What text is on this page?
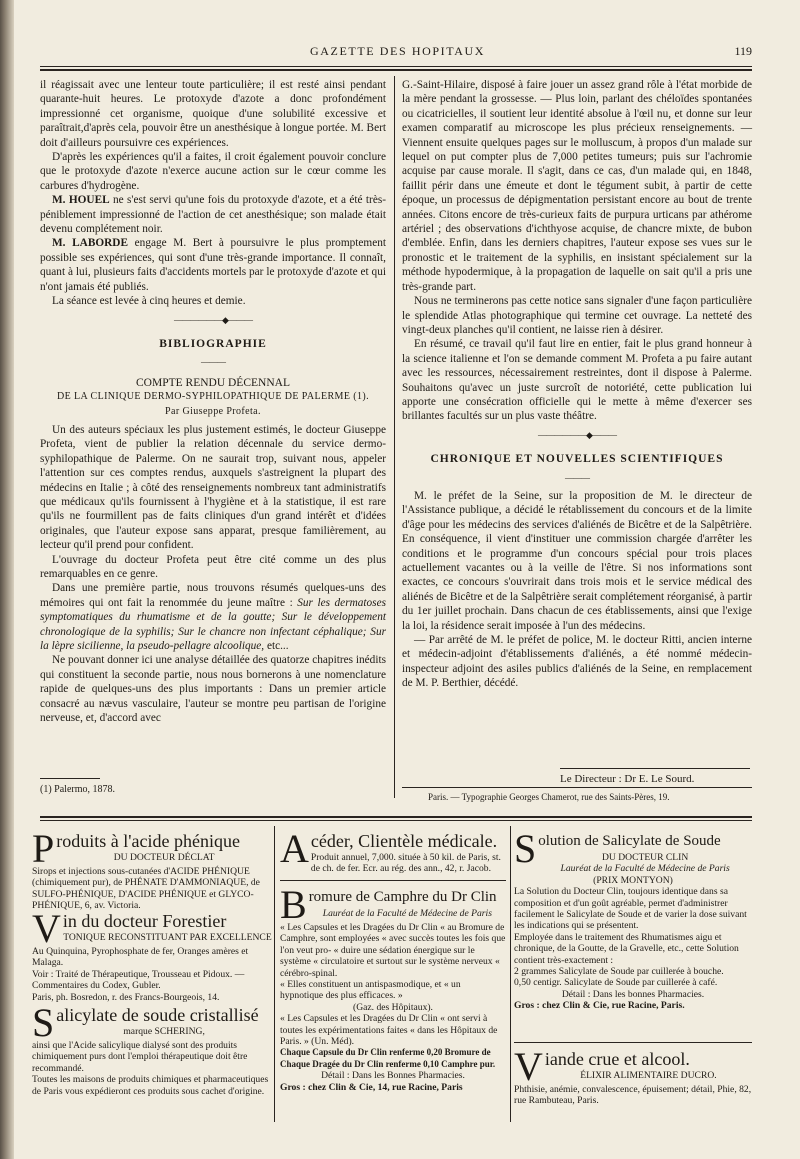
GAZETTE DES HOPITAUX	119

il réagissait avec une lenteur toute particulière; il est resté ainsi pendant quarante-huit heures. Le protoxyde d'azote a donc profondément impressionné cet organisme, quoique d'une solubilité excessive et paraîtrait,d'après cela, pouvoir être un anesthésique à longue portée. M. Bert doit d'ailleurs poursuivre ces expériences.

D'après les expériences qu'il a faites, il croit également pouvoir conclure que le protoxyde d'azote n'exerce aucune action sur le cœur comme les carbures d'hydrogène.

M. HOUEL ne s'est servi qu'une fois du protoxyde d'azote, et a été très-péniblement impressionné de l'action de cet anesthésique; son malade était devenu complétement noir.

M. LABORDE engage M. Bert à poursuivre le plus promptement possible ses expériences, qui sont d'une très-grande importance. Il connaît, quant à lui, plusieurs faits d'accidents mortels par le protoxyde d'azote et qui n'ont jamais été publiés.

La séance est levée à cinq heures et demie.

——————◆———
BIBLIOGRAPHIE
———
COMPTE RENDU DÉCENNAL
DE LA CLINIQUE DERMO-SYPHILOPATHIQUE DE PALERME (1).
Par Giuseppe Profeta.

Un des auteurs spéciaux les plus justement estimés, le docteur Giuseppe Profeta, vient de publier la relation décennale du service dermo-syphilopathique de Palerme. On ne saurait trop, suivant nous, appeler l'attention sur ces comptes rendus, auxquels s'astreignent la plupart des médecins en Italie ; à côté des renseignements nombreux tant administratifs que médicaux qu'ils fournissent à l'hygiène et à la statistique, il est rare qu'ils ne fourmillent pas de faits cliniques d'un grand intérêt et d'idées originales, que l'auteur expose sans apparat, presque familièrement, au lecteur qu'il prend pour confident.

L'ouvrage du docteur Profeta peut être cité comme un des plus remarquables en ce genre.

Dans une première partie, nous trouvons résumés quelques-uns des mémoires qui ont fait la renommée du jeune maître : Sur les dermatoses symptomatiques du rhumatisme et de la goutte; Sur le développement chronologique de la syphilis; Sur le chancre non infectant céphalique; Sur la lèpre sicilienne, la pseudo-pellagre alcoolique, etc...

Ne pouvant donner ici une analyse détaillée des quatorze chapitres inédits qui constituent la seconde partie, nous nous bornerons à une nomenclature rapide de quelques-uns des plus importants : Dans un premier article consacré au nævus vasculaire, l'auteur se montre peu partisan de l'origine nerveuse, et, d'accord avec

(1) Palermo, 1878.

G.-Saint-Hilaire, disposé à faire jouer un assez grand rôle à l'état morbide de la mère pendant la grossesse. — Plus loin, parlant des chéloïdes spontanées ou cicatricielles, il soutient leur identité absolue à l'œil nu, et donne sur leur examen comparatif au microscope les plus précieux renseignements. — Viennent ensuite quelques pages sur le molluscum, à propos d'un malade sur lequel on put compter plus de 7,000 petites tumeurs; puis sur l'achromie acquise par cause morale. Il s'agit, dans ce cas, d'un malade qui, en 1848, faillit périr dans une émeute et dont le tégument subit, à partir de cette époque, un processus de dépigmentation persistant encore au bout de trente années. Citons encore de très-curieux faits de purpura urticans par athérome artériel ; des observations d'ichthyose acquise, de chancre mixte, de bubon d'emblée. Enfin, dans les derniers chapitres, l'auteur expose ses vues sur le pronostic et le traitement de la syphilis, en insistant spécialement sur la méthode hypodermique, à la propagation de laquelle on sait qu'il a pris une très-grande part.

Nous ne terminerons pas cette notice sans signaler d'une façon particulière le splendide Atlas photographique qui termine cet ouvrage. La netteté des vingt-deux planches qu'il contient, ne laisse rien à désirer.

En résumé, ce travail qu'il faut lire en entier, fait le plus grand honneur à la science italienne et l'on se demande comment M. Profeta a pu faire autant avec les ressources, nécessairement restreintes, dont il dispose à Palerme. Souhaitons qu'avec un juste surcroît de notoriété, cette publication lui apporte une consécration officielle qui le mette à même d'exercer ses brillantes facultés sur un plus vaste théâtre.

——————◆———
CHRONIQUE ET NOUVELLES SCIENTIFIQUES
———

M. le préfet de la Seine, sur la proposition de M. le directeur de l'Assistance publique, a décidé le rétablissement du concours et de la limite d'âge pour les médecins des services d'aliénés de Bicêtre et de la Salpêtrière. En conséquence, il vient d'instituer une commission chargée d'arrêter les conditions et le programme d'un concours spécial pour trois places actuellement vacantes ou à la veille de l'être. Si nos informations sont exactes, ce concours s'ouvrirait dans trois mois et le service médical des aliénés de Bicêtre et de la Salpêtrière serait complétement réorganisé, à partir du 1er juillet prochain. Dans chacun de ces établissements, ainsi que l'exige la loi, la résidence serait imposée à l'un des médecins.

— Par arrêté de M. le préfet de police, M. le docteur Ritti, ancien interne et médecin-adjoint d'établissements d'aliénés, a été nommé médecin-inspecteur adjoint des asiles publics d'aliénés de la Seine, en remplacement de M. P. Berthier, décédé.

Le Directeur : Dr E. Le Sourd.
Paris. — Typographie Georges Chamerot, rue des Saints-Pères, 19.
P roduits à l'acide phénique
DU DOCTEUR DÉCLAT

Sirops et injections sous-cutanées d'ACIDE PHÉNIQUE (chimiquement pur), de PHÉNATE D'AMMONIAQUE, de SULFO-PHÉNIQUE, D'ACIDE PHÉNIQUE et GLYCO-PHÉNIQUE, 6, av. Victoria.

V in du docteur Forestier
TONIQUE RECONSTITUANT PAR EXCELLENCE

Au Quinquina, Pyrophosphate de fer, Oranges amères et Malaga.

Voir : Traité de Thérapeutique, Trousseau et Pidoux. — Commentaires du Codex, Gubler.

Paris, ph. Bosredon, r. des Francs-Bourgeois, 14.

S alicylate de soude cristallisé
marque SCHERING,

ainsi que l'Acide salicylique dialysé sont des produits chimiquement purs dont l'emploi thérapeutique doit être recommandé.

Toutes les maisons de produits chimiques et pharmaceutiques de Paris vous expédieront ces produits sous cachet d'origine.

A céder, Clientèle médicale.

Produit annuel, 7,000. située à 50 kil. de Paris, st. de ch. de fer. Ecr. au rég. des ann., 42, r. Jacob.

B romure de Camphre du Dr Clin
Lauréat de la Faculté de Médecine de Paris

« Les Capsules et les Dragées du Dr Clin « au Bromure de Camphre, sont employées « avec succès toutes les fois que l'on veut pro- « duire une sédation énergique sur le système « circulatoire et surtout sur le système nerveux « cérébro-spinal.

« Elles constituent un antispasmodique, et « un hypnotique des plus efficaces. »

(Gaz. des Hôpitaux).

« Les Capsules et les Dragées du Dr Clin « ont servi à toutes les expérimentations faites « dans les Hôpitaux de Paris. » (Un. Méd).

Chaque Capsule du Dr Clin renferme 0,20 Bromure de Chaque Dragée du Dr Clin renferme 0,10 Camphre pur.

Détail : Dans les Bonnes Pharmacies.

Gros : chez Clin & Cie, 14, rue Racine, Paris

S olution de Salicylate de Soude
DU DOCTEUR CLIN
Lauréat de la Faculté de Médecine de Paris
(PRIX MONTYON)

La Solution du Docteur Clin, toujours identique dans sa composition et d'un goût agréable, permet d'administrer facilement le Salicylate de Soude et de varier la dose suivant les indications qui se présentent.

Employée dans le traitement des Rhumatismes aigu et chronique, de la Goutte, de la Gravelle, etc., cette Solution contient très-exactement :

2 grammes Salicylate de Soude par cuillerée à bouche.

0,50 centigr. Salicylate de Soude par cuillerée à café.

Détail : Dans les bonnes Pharmacies.

Gros : chez Clin & Cie, rue Racine, Paris.

V iande crue et alcool.
ÉLIXIR ALIMENTAIRE DUCRO.

Phthisie, anémie, convalescence, épuisement; détail, Phie, 82, rue Rambuteau, Paris.
